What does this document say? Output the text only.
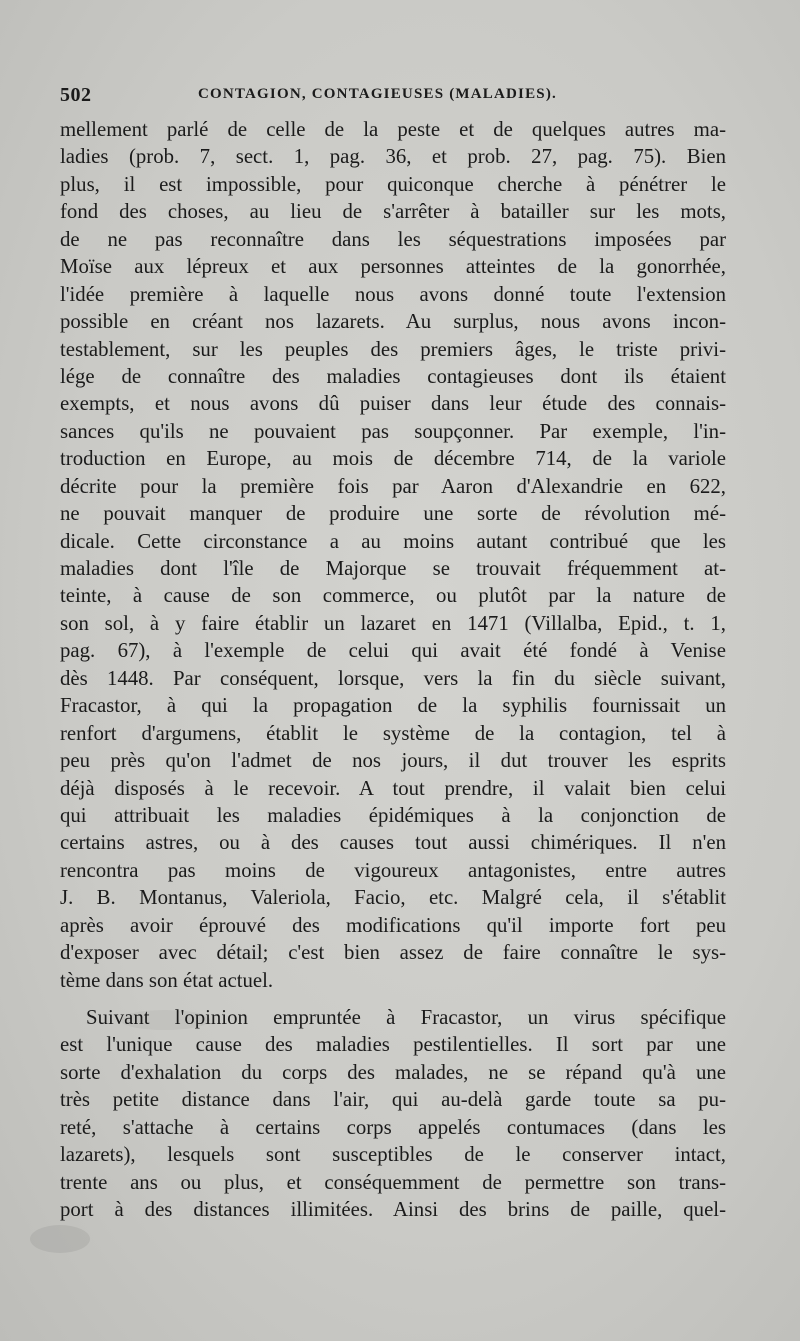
502	CONTAGION, CONTAGIEUSES (MALADIES).
mellement parlé de celle de la peste et de quelques autres ma-
ladies (prob. 7, sect. 1, pag. 36, et prob. 27, pag. 75). Bien
plus, il est impossible, pour quiconque cherche à pénétrer le
fond des choses, au lieu de s'arrêter à batailler sur les mots,
de ne pas reconnaître dans les séquestrations imposées par
Moïse aux lépreux et aux personnes atteintes de la gonorrhée,
l'idée première à laquelle nous avons donné toute l'extension
possible en créant nos lazarets. Au surplus, nous avons incon-
testablement, sur les peuples des premiers âges, le triste privi-
lége de connaître des maladies contagieuses dont ils étaient
exempts, et nous avons dû puiser dans leur étude des connais-
sances qu'ils ne pouvaient pas soupçonner. Par exemple, l'in-
troduction en Europe, au mois de décembre 714, de la variole
décrite pour la première fois par Aaron d'Alexandrie en 622,
ne pouvait manquer de produire une sorte de révolution mé-
dicale. Cette circonstance a au moins autant contribué que les
maladies dont l'île de Majorque se trouvait fréquemment at-
teinte, à cause de son commerce, ou plutôt par la nature de
son sol, à y faire établir un lazaret en 1471 (Villalba, Epid., t. 1,
pag. 67), à l'exemple de celui qui avait été fondé à Venise
dès 1448. Par conséquent, lorsque, vers la fin du siècle suivant,
Fracastor, à qui la propagation de la syphilis fournissait un
renfort d'argumens, établit le système de la contagion, tel à
peu près qu'on l'admet de nos jours, il dut trouver les esprits
déjà disposés à le recevoir. A tout prendre, il valait bien celui
qui attribuait les maladies épidémiques à la conjonction de
certains astres, ou à des causes tout aussi chimériques. Il n'en
rencontra pas moins de vigoureux antagonistes, entre autres
J. B. Montanus, Valeriola, Facio, etc. Malgré cela, il s'établit
après avoir éprouvé des modifications qu'il importe fort peu
d'exposer avec détail; c'est bien assez de faire connaître le sys-
tème dans son état actuel.
Suivant l'opinion empruntée à Fracastor, un virus spécifique
est l'unique cause des maladies pestilentielles. Il sort par une
sorte d'exhalation du corps des malades, ne se répand qu'à une
très petite distance dans l'air, qui au-delà garde toute sa pu-
reté, s'attache à certains corps appelés contumaces (dans les
lazarets), lesquels sont susceptibles de le conserver intact,
trente ans ou plus, et conséquemment de permettre son trans-
port à des distances illimitées. Ainsi des brins de paille, quel-
